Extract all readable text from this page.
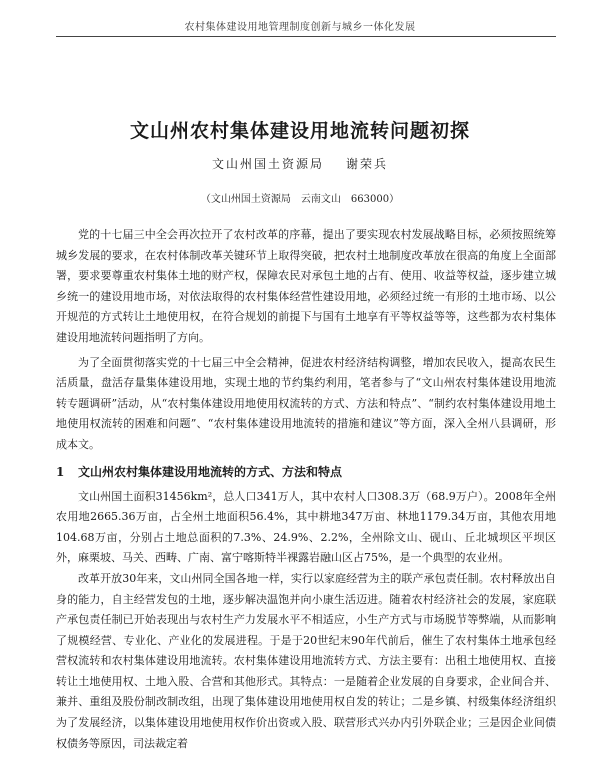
农村集体建设用地管理制度创新与城乡一体化发展
文山州农村集体建设用地流转问题初探
文山州国土资源局 谢荣兵
（文山州国土资源局　云南文山　663000）

党的十七届三中全会再次拉开了农村改革的序幕，提出了要实现农村发展战略目标，必须按照统筹城乡发展的要求，在农村体制改革关键环节上取得突破，把农村土地制度改革放在很高的角度上全面部署，要求要尊重农村集体土地的财产权，保障农民对承包土地的占有、使用、收益等权益，逐步建立城乡统一的建设用地市场，对依法取得的农村集体经营性建设用地，必须经过统一有形的土地市场、以公开规范的方式转让土地使用权，在符合规划的前提下与国有土地享有平等权益等等，这些都为农村集体建设用地流转问题指明了方向。

为了全面贯彻落实党的十七届三中全会精神，促进农村经济结构调整，增加农民收入，提高农民生活质量，盘活存量集体建设用地，实现土地的节约集约利用，笔者参与了“文山州农村集体建设用地流转专题调研”活动，从“农村集体建设用地使用权流转的方式、方法和特点”、“制约农村集体建设用地土地使用权流转的困难和问题”、“农村集体建设用地流转的措施和建议”等方面，深入全州八县调研，形成本文。

1 文山州农村集体建设用地流转的方式、方法和特点

文山州国土面积31456km²，总人口341万人，其中农村人口308.3万（68.9万户）。2008年全州农用地2665.36万亩，占全州土地面积56.4%，其中耕地347万亩、林地1179.34万亩，其他农用地104.68万亩，分别占土地总面积的7.3%、24.9%、2.2%，全州除文山、砚山、丘北城坝区平坝区外，麻栗坡、马关、西畴、广南、富宁喀斯特半裸露岩融山区占75%，是一个典型的农业州。

改革开放30年来，文山州同全国各地一样，实行以家庭经营为主的联产承包责任制。农村释放出自身的能力，自主经营发包的土地，逐步解决温饱并向小康生活迈进。随着农村经济社会的发展，家庭联产承包责任制已开始表现出与农村生产力发展水平不相适应，小生产方式与市场脱节等弊端，从而影响了规模经营、专业化、产业化的发展进程。于是于20世纪末90年代前后，催生了农村集体土地承包经营权流转和农村集体建设用地流转。农村集体建设用地流转方式、方法主要有：出租土地使用权、直接转让土地使用权、土地入股、合营和其他形式。其特点：一是随着企业发展的自身要求，企业间合并、兼并、重组及股份制改制改组，出现了集体建设用地使用权自发的转让；二是乡镇、村级集体经济组织为了发展经济，以集体建设用地使用权作价出资或入股、联营形式兴办内引外联企业；三是因企业间债权债务等原因，司法裁定着
